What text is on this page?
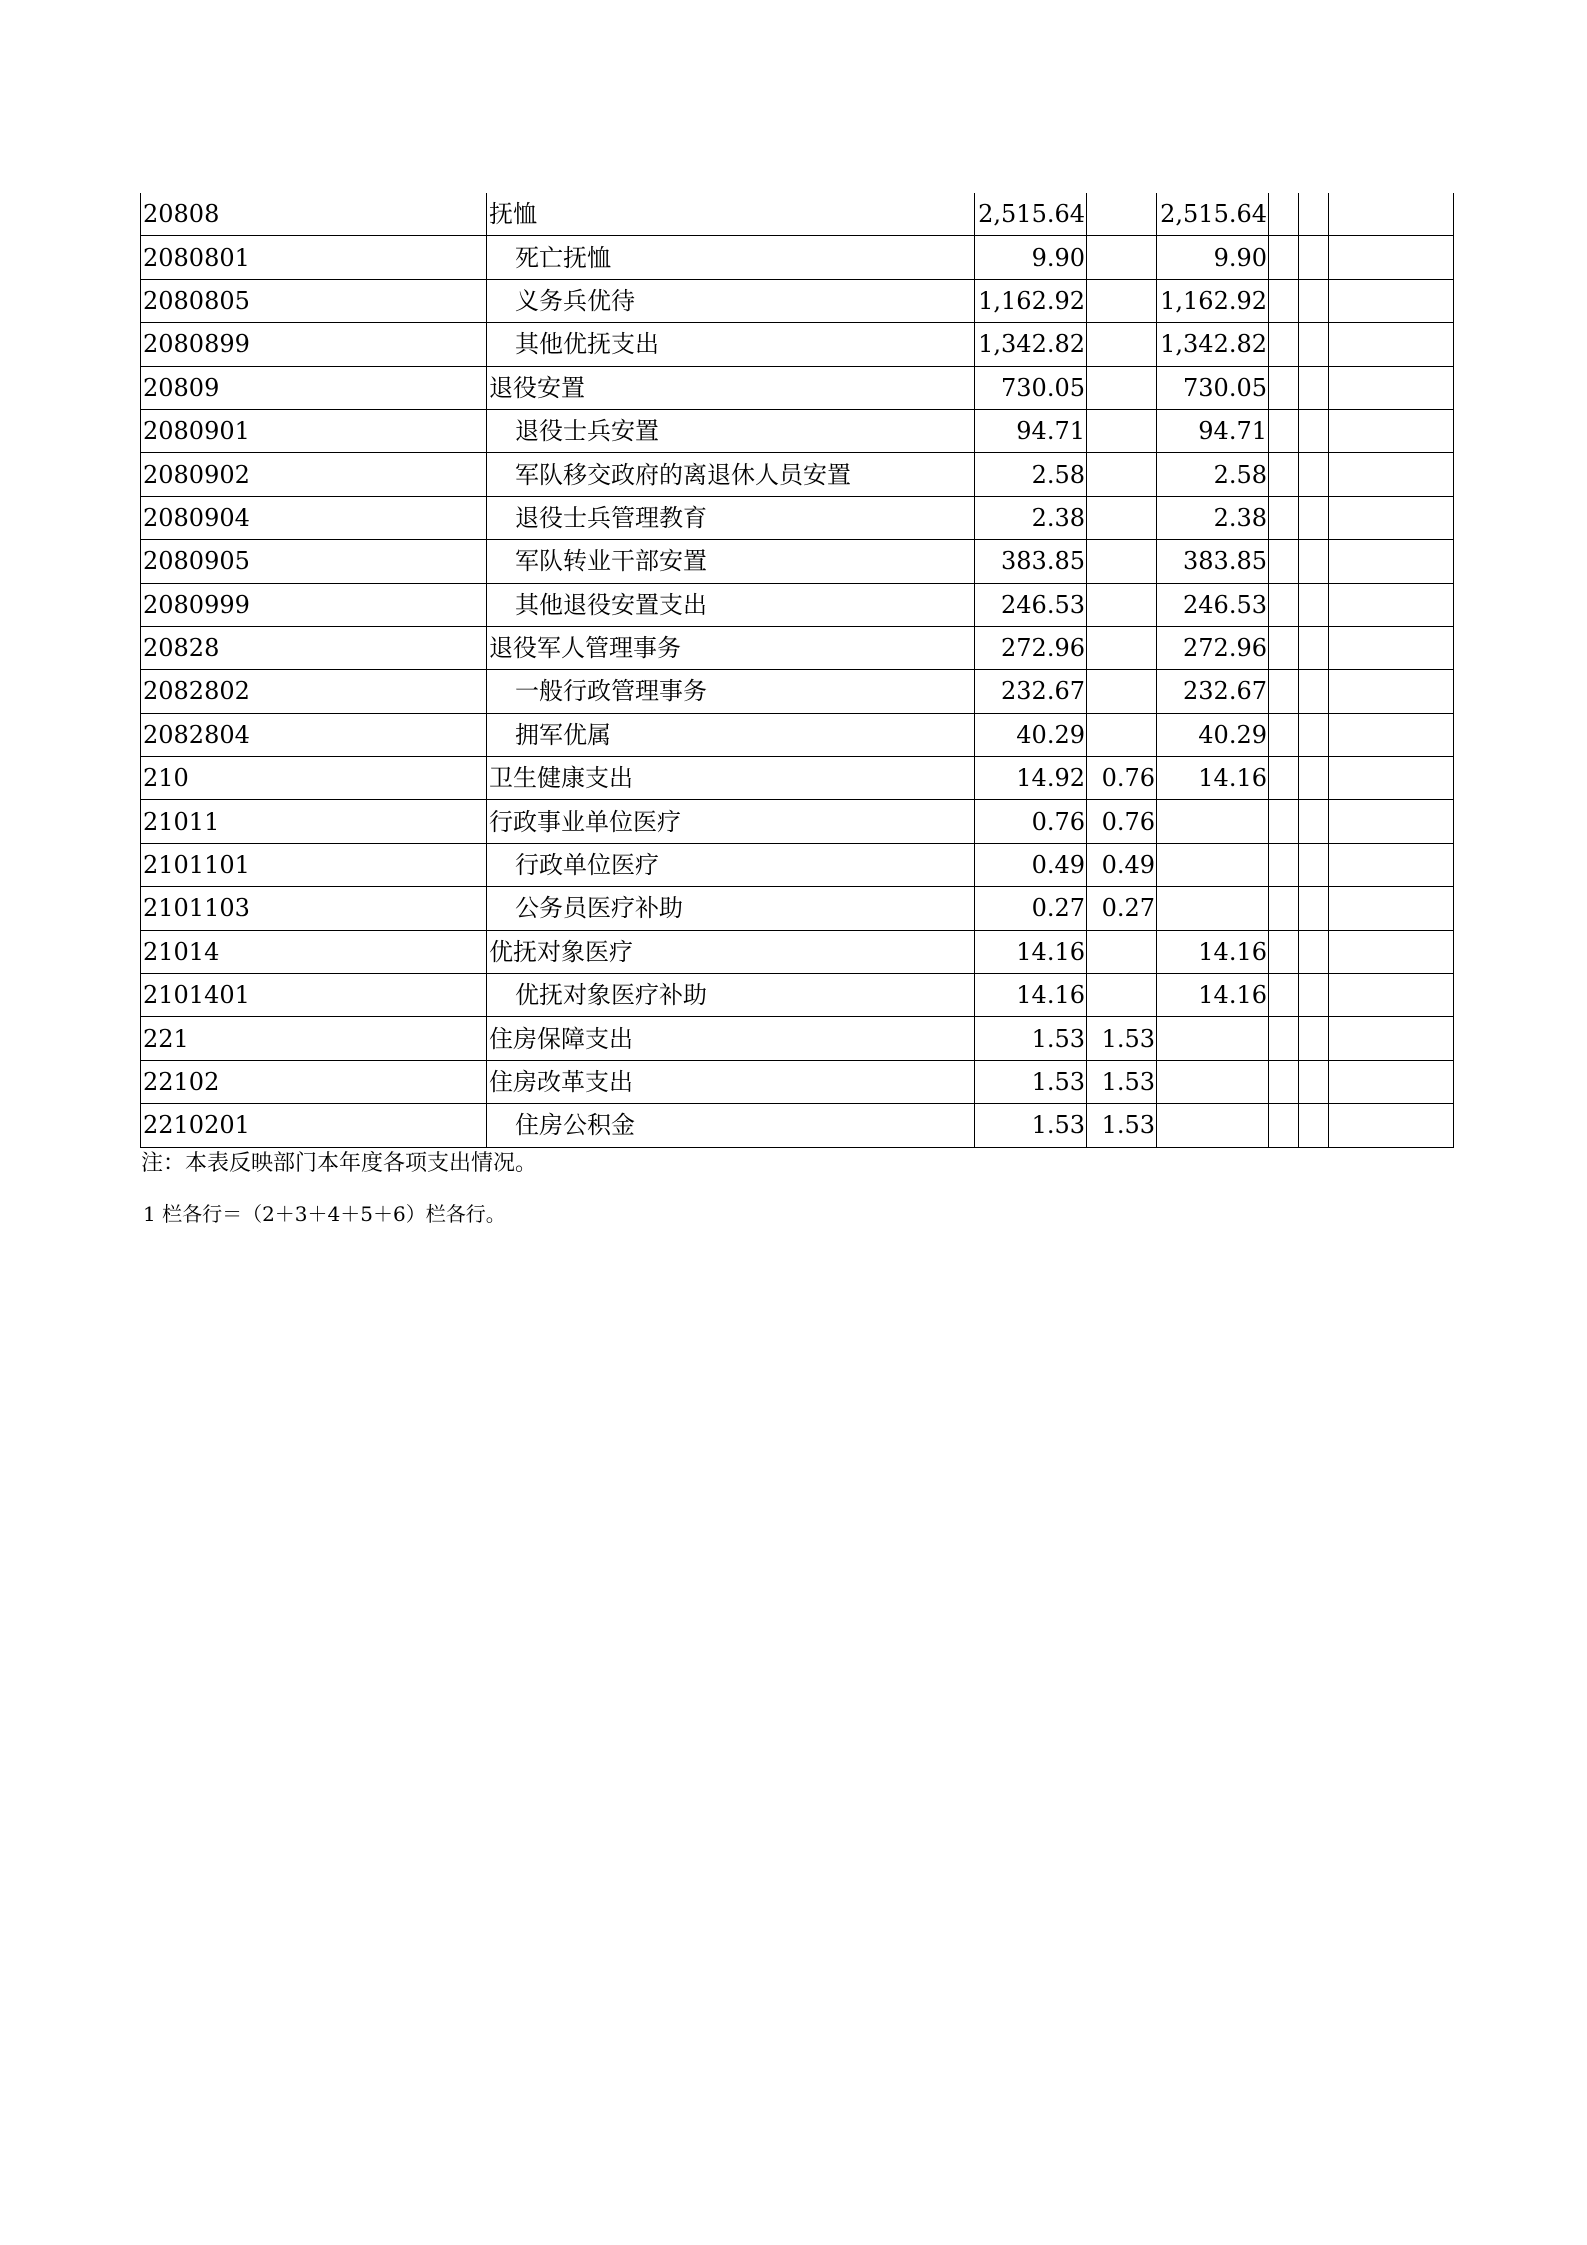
20808	抚恤	2,515.64		2,515.64			
2080801	死亡抚恤	9.90		9.90			
2080805	义务兵优待	1,162.92		1,162.92			
2080899	其他优抚支出	1,342.82		1,342.82			
20809	退役安置	730.05		730.05			
2080901	退役士兵安置	94.71		94.71			
2080902	军队移交政府的离退休人员安置	2.58		2.58			
2080904	退役士兵管理教育	2.38		2.38			
2080905	军队转业干部安置	383.85		383.85			
2080999	其他退役安置支出	246.53		246.53			
20828	退役军人管理事务	272.96		272.96			
2082802	一般行政管理事务	232.67		232.67			
2082804	拥军优属	40.29		40.29			
210	卫生健康支出	14.92	0.76	14.16			
21011	行政事业单位医疗	0.76	0.76				
2101101	行政单位医疗	0.49	0.49				
2101103	公务员医疗补助	0.27	0.27				
21014	优抚对象医疗	14.16		14.16			
2101401	优抚对象医疗补助	14.16		14.16			
221	住房保障支出	1.53	1.53				
22102	住房改革支出	1.53	1.53				
2210201	住房公积金	1.53	1.53				
注：本表反映部门本年度各项支出情况。
1 栏各行＝（2＋3＋4＋5＋6）栏各行。
